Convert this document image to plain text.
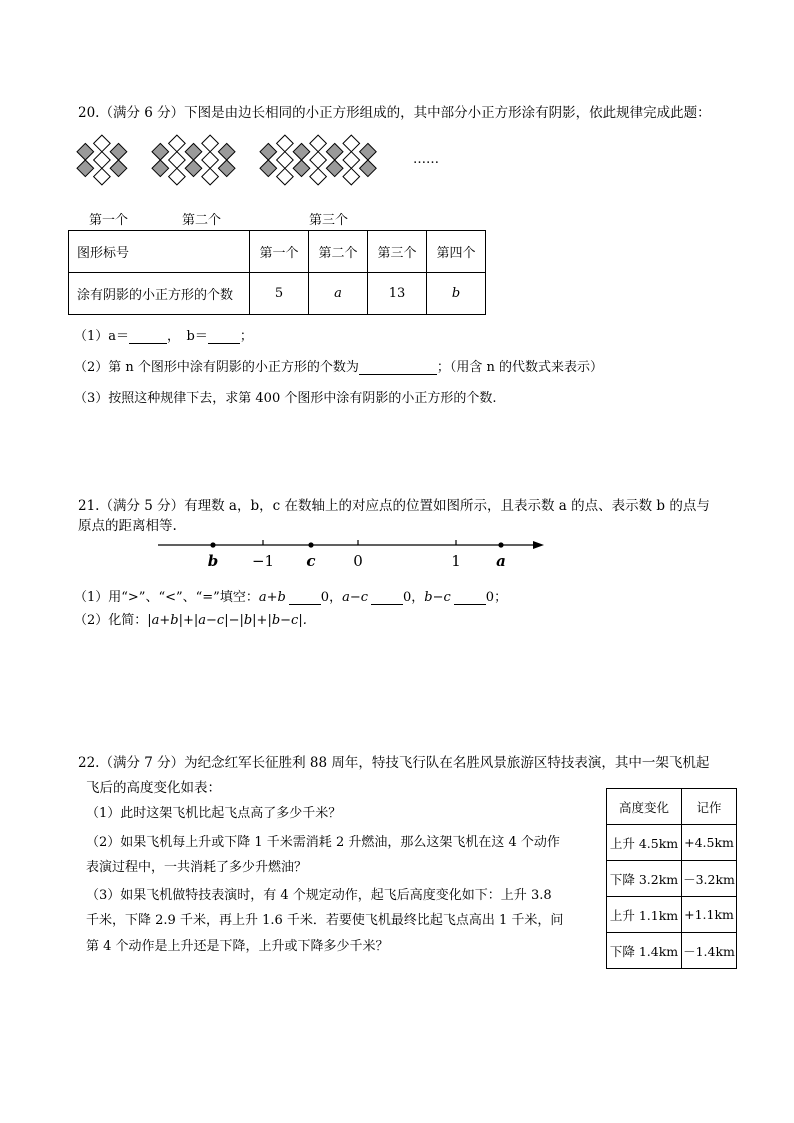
20.（满分 6 分）下图是由边长相同的小正方形组成的，其中部分小正方形涂有阴影，依此规律完成此题：
……
第一个	第二个	第三个
图形标号	第一个	第二个	第三个	第四个
涂有阴影的小正方形的个数	5	a	13	b
（1）a＝	，　b＝ ；
（2）第 n 个图形中涂有阴影的小正方形的个数为	；（用含 n 的代数式来表示）
（3）按照这种规律下去，求第 400 个图形中涂有阴影的小正方形的个数.
21.（满分 5 分）有理数 a，b，c 在数轴上的对应点的位置如图所示，且表示数 a 的点、表示数 b 的点与
原点的距离相等.
b −1 c	0	1 a
（1）用“>”、“<”、“=”填空：a+b	0，a−c	0，b−c	0；
（2）化简：|a+b|+|a−c|−|b|+|b−c|.
22.（满分 7 分）为纪念红军长征胜利 88 周年，特技飞行队在名胜风景旅游区特技表演，其中一架飞机起
飞后的高度变化如表：
（1）此时这架飞机比起飞点高了多少千米？
（2）如果飞机每上升或下降 1 千米需消耗 2 升燃油，那么这架飞机在这 4 个动作
表演过程中，一共消耗了多少升燃油？
（3）如果飞机做特技表演时，有 4 个规定动作，起飞后高度变化如下：上升 3.8
千米，下降 2.9 千米，再上升 1.6 千米．若要使飞机最终比起飞点高出 1 千米，问
第 4 个动作是上升还是下降，上升或下降多少千米？
高度变化	记作
上升 4.5km	+4.5km
下降 3.2km	－3.2km
上升 1.1km	+1.1km
下降 1.4km	－1.4km
